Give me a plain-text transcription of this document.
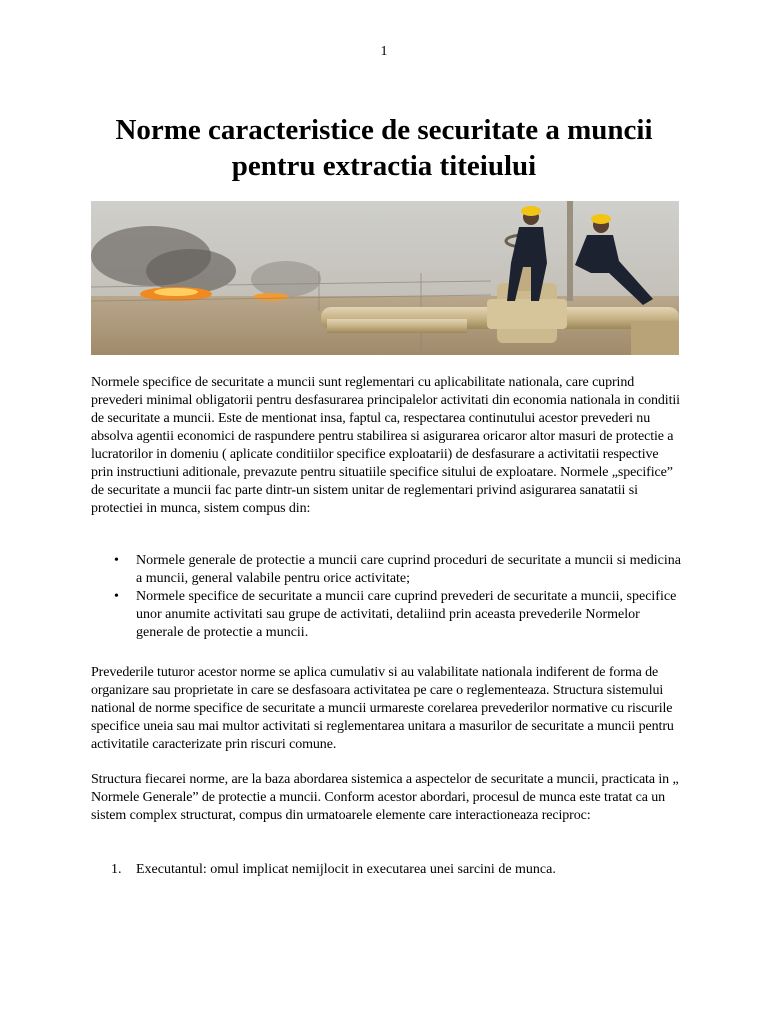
1
Norme caracteristice de securitate a muncii pentru extractia titeiului

Normele specifice de securitate a muncii sunt reglementari cu aplicabilitate nationala, care cuprind prevederi minimal obligatorii pentru desfasurarea principalelor activitati din economia nationala in conditii de securitate a muncii. Este de mentionat insa, faptul ca, respectarea continutului acestor prevederi nu absolva agentii economici de raspundere pentru stabilirea si asigurarea oricaror altor masuri de protectie a lucratorilor in domeniu ( aplicate conditiilor specifice exploatarii) de desfasurare a activitatii respective prin instructiuni aditionale, prevazute pentru situatiile specifice sitului de exploatare. Normele „specifice” de securitate a muncii fac parte dintr-un sistem unitar de reglementari privind asigurarea sanatatii si protectiei in munca, sistem compus din:

• Normele generale de protectie a muncii care cuprind proceduri de securitate a muncii si medicina a muncii, general valabile pentru orice activitate;
• Normele specifice de securitate a muncii care cuprind prevederi de securitate a muncii, specifice unor anumite activitati sau grupe de activitati, detaliind prin aceasta prevederile Normelor generale de protectie a muncii.

Prevederile tuturor acestor norme se aplica cumulativ si au valabilitate nationala indiferent de forma de organizare sau proprietate in care se desfasoara activitatea pe care o reglementeaza. Structura sistemului national de norme specifice de securitate a muncii urmareste corelarea prevederilor normative cu riscurile specifice uneia sau mai multor activitati si reglementarea unitara a masurilor de securitate a muncii pentru activitatile caracterizate prin riscuri comune.

Structura fiecarei norme, are la baza abordarea sistemica a aspectelor de securitate a muncii, practicata in „ Normele Generale” de protectie a muncii. Conform acestor abordari, procesul de munca este tratat ca un sistem complex structurat, compus din urmatoarele elemente care interactioneaza reciproc:

1. Executantul: omul implicat nemijlocit in executarea unei sarcini de munca.
